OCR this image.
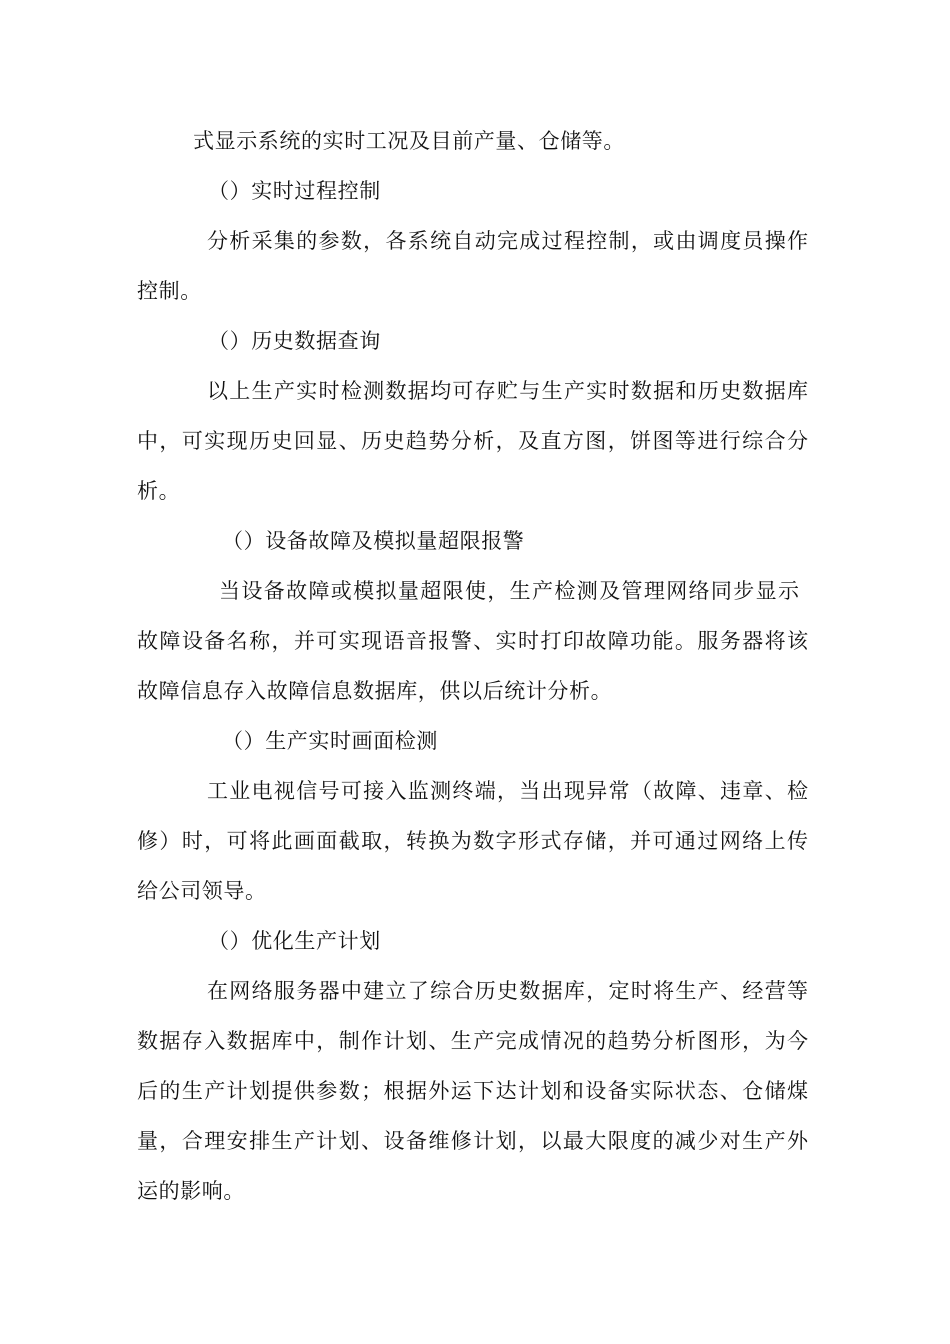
式显示系统的实时工况及目前产量、仓储等。
（）实时过程控制
分析采集的参数，各系统自动完成过程控制，或由调度员操作
控制。
（）历史数据查询
以上生产实时检测数据均可存贮与生产实时数据和历史数据库
中，可实现历史回显、历史趋势分析，及直方图，饼图等进行综合分
析。
（）设备故障及模拟量超限报警
当设备故障或模拟量超限使，生产检测及管理网络同步显示
故障设备名称，并可实现语音报警、实时打印故障功能。服务器将该
故障信息存入故障信息数据库，供以后统计分析。
（）生产实时画面检测
工业电视信号可接入监测终端，当出现异常（故障、违章、检
修）时，可将此画面截取，转换为数字形式存储，并可通过网络上传
给公司领导。
（）优化生产计划
在网络服务器中建立了综合历史数据库，定时将生产、经营等
数据存入数据库中，制作计划、生产完成情况的趋势分析图形，为今
后的生产计划提供参数；根据外运下达计划和设备实际状态、仓储煤
量，合理安排生产计划、设备维修计划，以最大限度的减少对生产外
运的影响。
